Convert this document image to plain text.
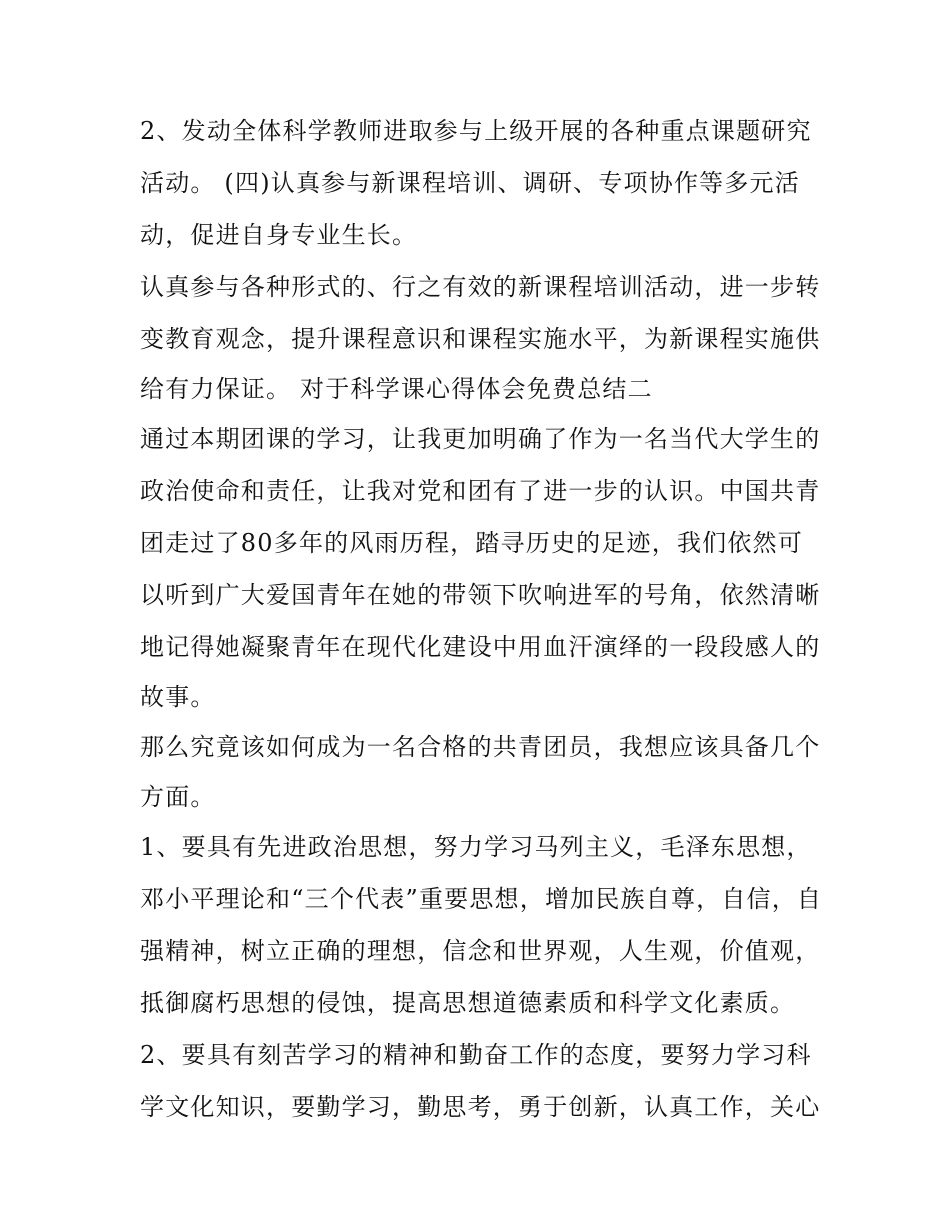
2、发动全体科学教师进取参与上级开展的各种重点课题研究
活动。 (四)认真参与新课程培训、调研、专项协作等多元活
动，促进自身专业生长。
认真参与各种形式的、行之有效的新课程培训活动，进一步转
变教育观念，提升课程意识和课程实施水平，为新课程实施供
给有力保证。 对于科学课心得体会免费总结二
通过本期团课的学习，让我更加明确了作为一名当代大学生的
政治使命和责任，让我对党和团有了进一步的认识。中国共青
团走过了80多年的风雨历程，踏寻历史的足迹，我们依然可
以听到广大爱国青年在她的带领下吹响进军的号角，依然清晰
地记得她凝聚青年在现代化建设中用血汗演绎的一段段感人的
故事。
那么究竟该如何成为一名合格的共青团员，我想应该具备几个
方面。
1、要具有先进政治思想，努力学习马列主义，毛泽东思想，
邓小平理论和“三个代表”重要思想，增加民族自尊，自信，自
强精神，树立正确的理想，信念和世界观，人生观，价值观，
抵御腐朽思想的侵蚀，提高思想道德素质和科学文化素质。
2、要具有刻苦学习的精神和勤奋工作的态度，要努力学习科
学文化知识，要勤学习，勤思考，勇于创新，认真工作，关心
